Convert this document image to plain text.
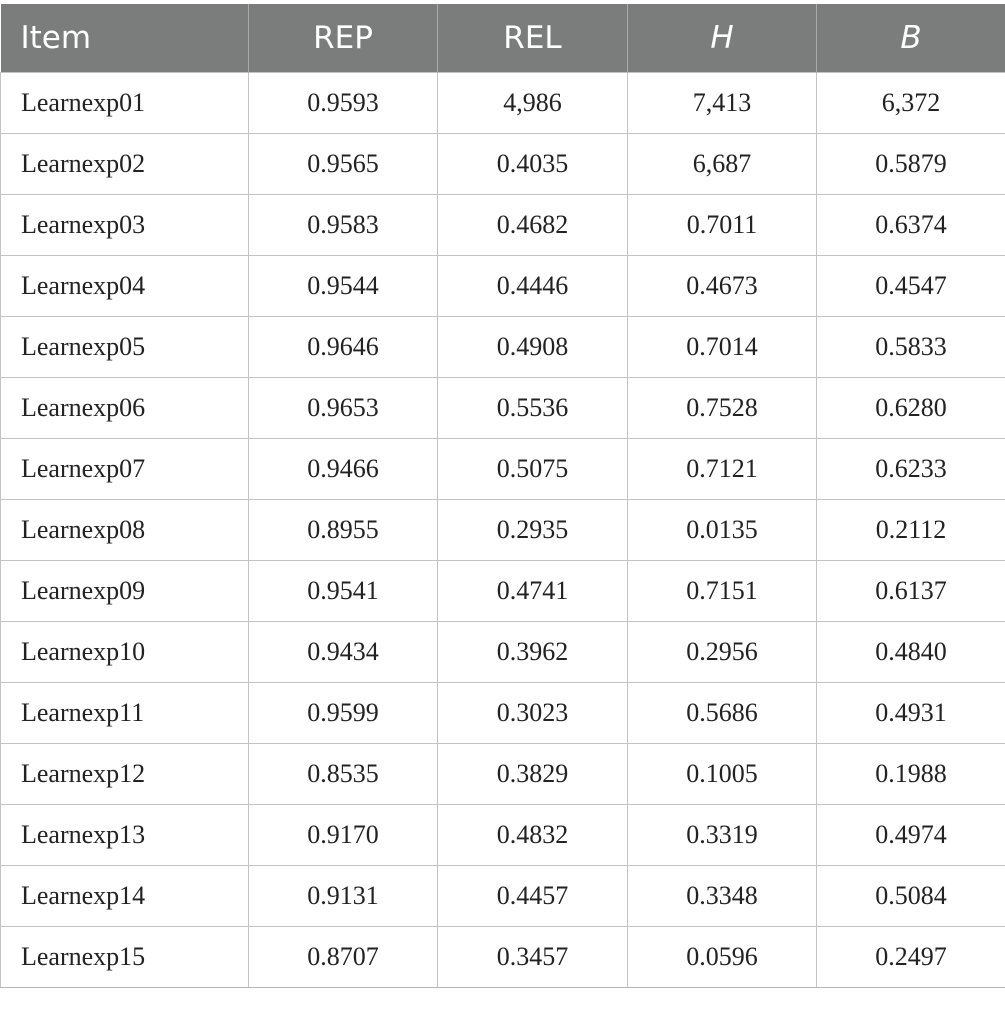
Item	REP	REL	H	B
Learnexp01	0.9593	4,986	7,413	6,372
Learnexp02	0.9565	0.4035	6,687	0.5879
Learnexp03	0.9583	0.4682	0.7011	0.6374
Learnexp04	0.9544	0.4446	0.4673	0.4547
Learnexp05	0.9646	0.4908	0.7014	0.5833
Learnexp06	0.9653	0.5536	0.7528	0.6280
Learnexp07	0.9466	0.5075	0.7121	0.6233
Learnexp08	0.8955	0.2935	0.0135	0.2112
Learnexp09	0.9541	0.4741	0.7151	0.6137
Learnexp10	0.9434	0.3962	0.2956	0.4840
Learnexp11	0.9599	0.3023	0.5686	0.4931
Learnexp12	0.8535	0.3829	0.1005	0.1988
Learnexp13	0.9170	0.4832	0.3319	0.4974
Learnexp14	0.9131	0.4457	0.3348	0.5084
Learnexp15	0.8707	0.3457	0.0596	0.2497
